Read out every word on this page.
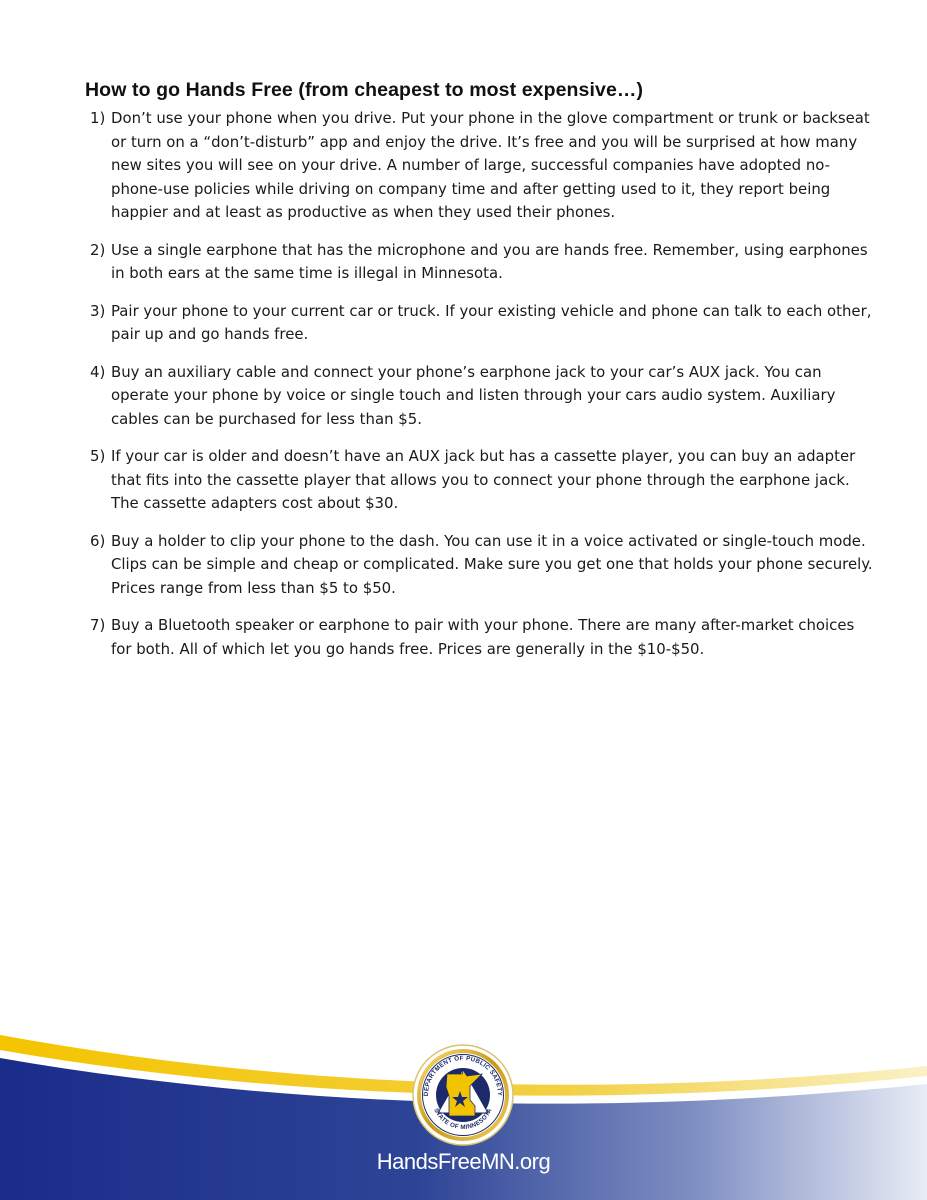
How to go Hands Free (from cheapest to most expensive…)
1) Don’t use your phone when you drive. Put your phone in the glove compartment or trunk or backseat or turn on a “don’t-disturb” app and enjoy the drive. It’s free and you will be surprised at how many new sites you will see on your drive. A number of large, successful companies have adopted no-phone-use policies while driving on company time and after getting used to it, they report being happier and at least as productive as when they used their phones.
2) Use a single earphone that has the microphone and you are hands free. Remember, using earphones in both ears at the same time is illegal in Minnesota.
3) Pair your phone to your current car or truck. If your existing vehicle and phone can talk to each other, pair up and go hands free.
4) Buy an auxiliary cable and connect your phone’s earphone jack to your car’s AUX jack. You can operate your phone by voice or single touch and listen through your cars audio system. Auxiliary cables can be purchased for less than $5.
5) If your car is older and doesn’t have an AUX jack but has a cassette player, you can buy an adapter that fits into the cassette player that allows you to connect your phone through the earphone jack. The cassette adapters cost about $30.
6) Buy a holder to clip your phone to the dash. You can use it in a voice activated or single-touch mode. Clips can be simple and cheap or complicated. Make sure you get one that holds your phone securely. Prices range from less than $5 to $50.
7) Buy a Bluetooth speaker or earphone to pair with your phone. There are many after-market choices for both. All of which let you go hands free. Prices are generally in the $10-$50.
DEPARTMENT OF PUBLIC SAFETY
STATE OF MINNESOTA
HandsFreeMN.org
